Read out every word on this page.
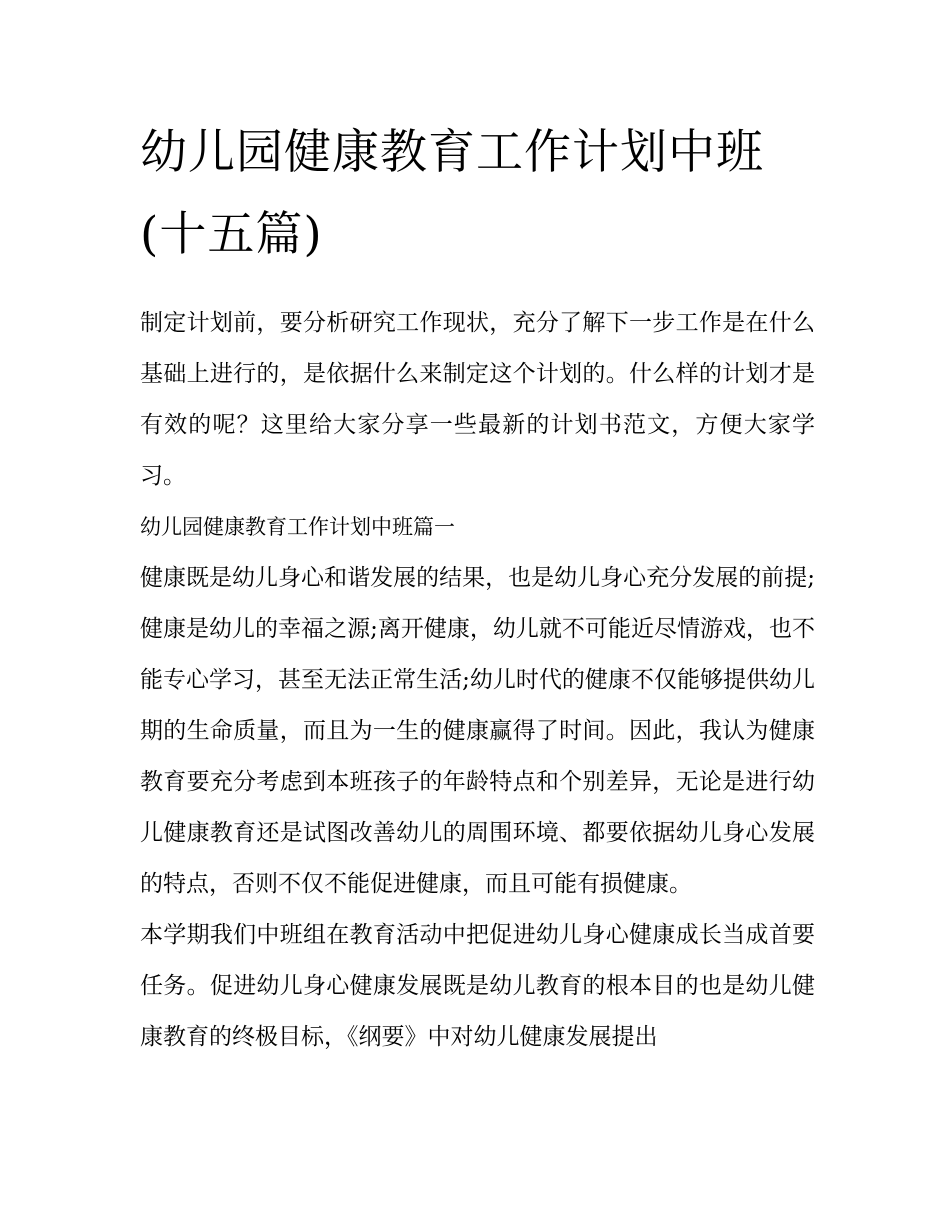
幼儿园健康教育工作计划中班(十五篇)

制定计划前，要分析研究工作现状，充分了解下一步工作是在什么基础上进行的，是依据什么来制定这个计划的。什么样的计划才是有效的呢？这里给大家分享一些最新的计划书范文，方便大家学习。

幼儿园健康教育工作计划中班篇一

健康既是幼儿身心和谐发展的结果，也是幼儿身心充分发展的前提;健康是幼儿的幸福之源;离开健康，幼儿就不可能近尽情游戏，也不能专心学习，甚至无法正常生活;幼儿时代的健康不仅能够提供幼儿期的生命质量，而且为一生的健康赢得了时间。因此，我认为健康教育要充分考虑到本班孩子的年龄特点和个别差异，无论是进行幼儿健康教育还是试图改善幼儿的周围环境、都要依据幼儿身心发展的特点，否则不仅不能促进健康，而且可能有损健康。

本学期我们中班组在教育活动中把促进幼儿身心健康成长当成首要任务。促进幼儿身心健康发展既是幼儿教育的根本目的也是幼儿健康教育的终极目标，《纲要》中对幼儿健康发展提出
